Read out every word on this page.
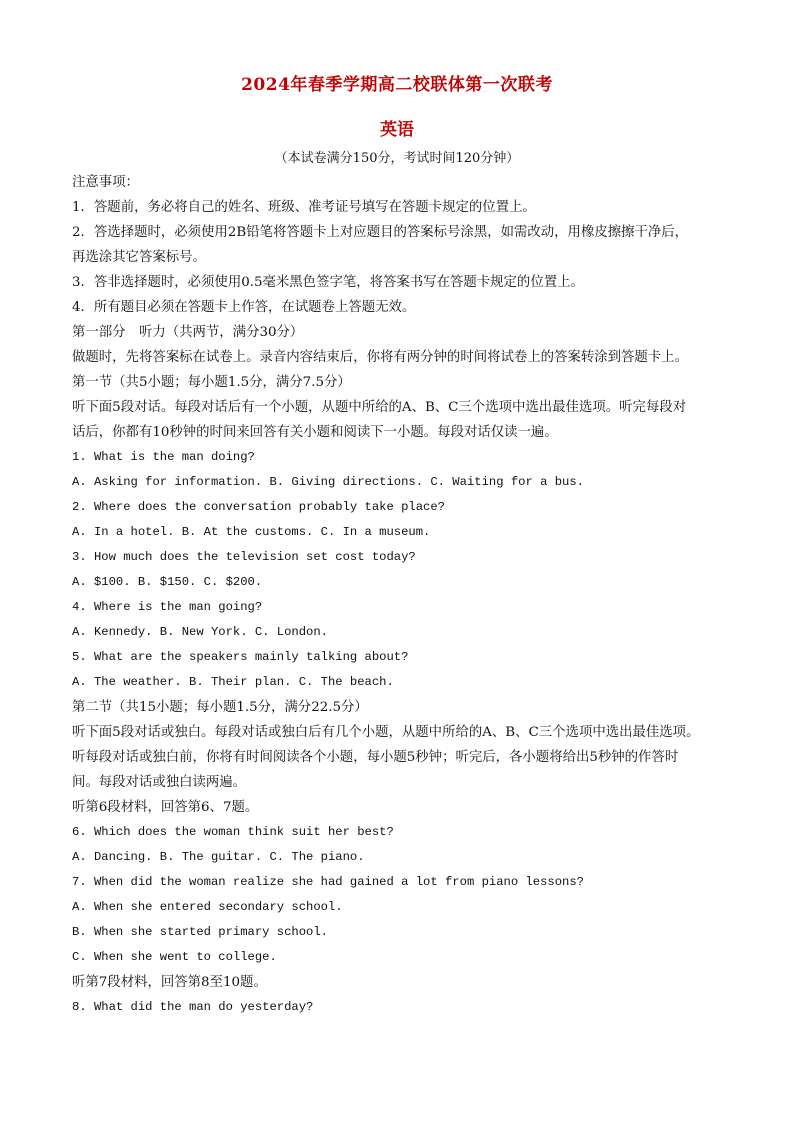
2024年春季学期高二校联体第一次联考
英语
（本试卷满分150分，考试时间120分钟）
注意事项：
1．答题前，务必将自己的姓名、班级、准考证号填写在答题卡规定的位置上。
2．答选择题时，必须使用2B铅笔将答题卡上对应题目的答案标号涂黑，如需改动，用橡皮擦擦干净后，
再选涂其它答案标号。
3．答非选择题时，必须使用0.5毫米黑色签字笔，将答案书写在答题卡规定的位置上。
4．所有题目必须在答题卡上作答，在试题卷上答题无效。
第一部分　听力（共两节，满分30分）
做题时，先将答案标在试卷上。录音内容结束后，你将有两分钟的时间将试卷上的答案转涂到答题卡上。
第一节（共5小题；每小题1.5分，满分7.5分）
听下面5段对话。每段对话后有一个小题，从题中所给的A、B、C三个选项中选出最佳选项。听完每段对
话后，你都有10秒钟的时间来回答有关小题和阅读下一小题。每段对话仅读一遍。
1. What is the man doing?
A. Asking for information. B. Giving directions. C. Waiting for a bus.
2. Where does the conversation probably take place?
A. In a hotel. B. At the customs. C. In a museum.
3. How much does the television set cost today?
A. $100. B. $150. C. $200.
4. Where is the man going?
A. Kennedy. B. New York. C. London.
5. What are the speakers mainly talking about?
A. The weather. B. Their plan. C. The beach.
第二节（共15小题；每小题1.5分，满分22.5分）
听下面5段对话或独白。每段对话或独白后有几个小题，从题中所给的A、B、C三个选项中选出最佳选项。
听每段对话或独白前，你将有时间阅读各个小题，每小题5秒钟；听完后，各小题将给出5秒钟的作答时
间。每段对话或独白读两遍。
听第6段材料，回答第6、7题。
6. Which does the woman think suit her best?
A. Dancing. B. The guitar. C. The piano.
7. When did the woman realize she had gained a lot from piano lessons?
A. When she entered secondary school.
B. When she started primary school.
C. When she went to college.
听第7段材料，回答第8至10题。
8. What did the man do yesterday?
